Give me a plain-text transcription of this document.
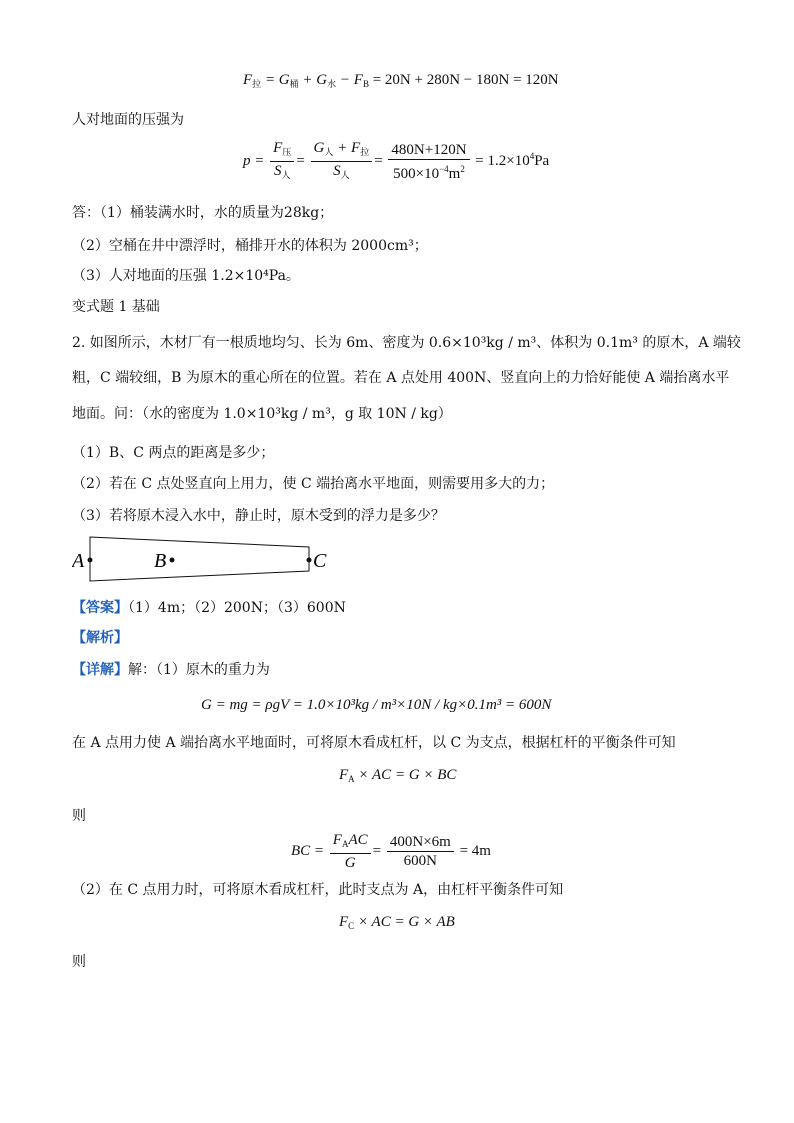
$F_拉 = G_桶 + G_水 - F_B = 20N + 280N - 180N = 120N$
人对地面的压强为
$p = \frac{F_压}{S_人} = \frac{G_人 + F_拉}{S_人} = \frac{480N+120N}{500\times 10^{-4}m^2} = 1.2\times 10^4Pa$
答：（1）桶装满水时，水的质量为28kg；
（2）空桶在井中漂浮时，桶排开水的体积为 2000cm³；
（3）人对地面的压强 1.2×10⁴Pa。
变式题 1 基础
2. 如图所示，木材厂有一根质地均匀、长为 6m、密度为 0.6×10³kg / m³、体积为 0.1m³ 的原木，A 端较
粗，C 端较细，B 为原木的重心所在的位置。若在 A 点处用 400N、竖直向上的力恰好能使 A 端抬离水平
地面。问：（水的密度为 1.0×10³kg / m³，g 取 10N / kg）
（1）B、C 两点的距离是多少；
（2）若在 C 点处竖直向上用力，使 C 端抬离水平地面，则需要用多大的力；
（3）若将原木浸入水中，静止时，原木受到的浮力是多少？
A	B	C
【答案】（1）4m；（2）200N；（3）600N
【解析】
【详解】解：（1）原木的重力为
G = mg = ρgV = 1.0×10³kg / m³×10N / kg×0.1m³ = 600N
在 A 点用力使 A 端抬离水平地面时，可将原木看成杠杆，以 C 为支点，根据杠杆的平衡条件可知
$F_A$ × AC = G × BC
则
BC = $\frac{F_AAC}{G} = \frac{400N\times 6m}{600N} = 4m$
（2）在 C 点用力时，可将原木看成杠杆，此时支点为 A，由杠杆平衡条件可知
$F_C$ × AC = G × AB
则
